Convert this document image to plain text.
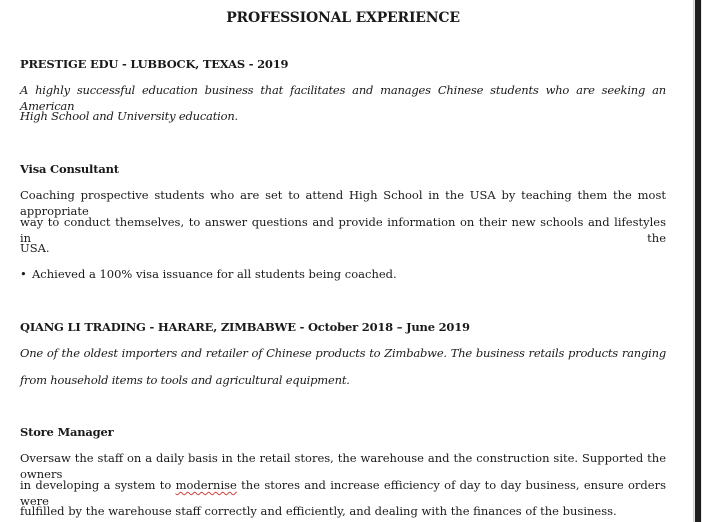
PROFESSIONAL EXPERIENCE
PRESTIGE EDU - LUBBOCK, TEXAS - 2019
A highly successful education business that facilitates and manages Chinese students who are seeking an American
High School and University education.
Visa Consultant
Coaching prospective students who are set to attend High School in the USA by teaching them the most appropriate
way to conduct themselves, to answer questions and provide information on their new schools and lifestyles in the
USA.
• Achieved a 100% visa issuance for all students being coached.
QIANG LI TRADING - HARARE, ZIMBABWE - October 2018 – June 2019
One of the oldest importers and retailer of Chinese products to Zimbabwe. The business retails products ranging
from household items to tools and agricultural equipment.
Store Manager
Oversaw the staff on a daily basis in the retail stores, the warehouse and the construction site. Supported the owners
in developing a system to modernise the stores and increase efficiency of day to day business, ensure orders were
fulfilled by the warehouse staff correctly and efficiently, and dealing with the finances of the business.
